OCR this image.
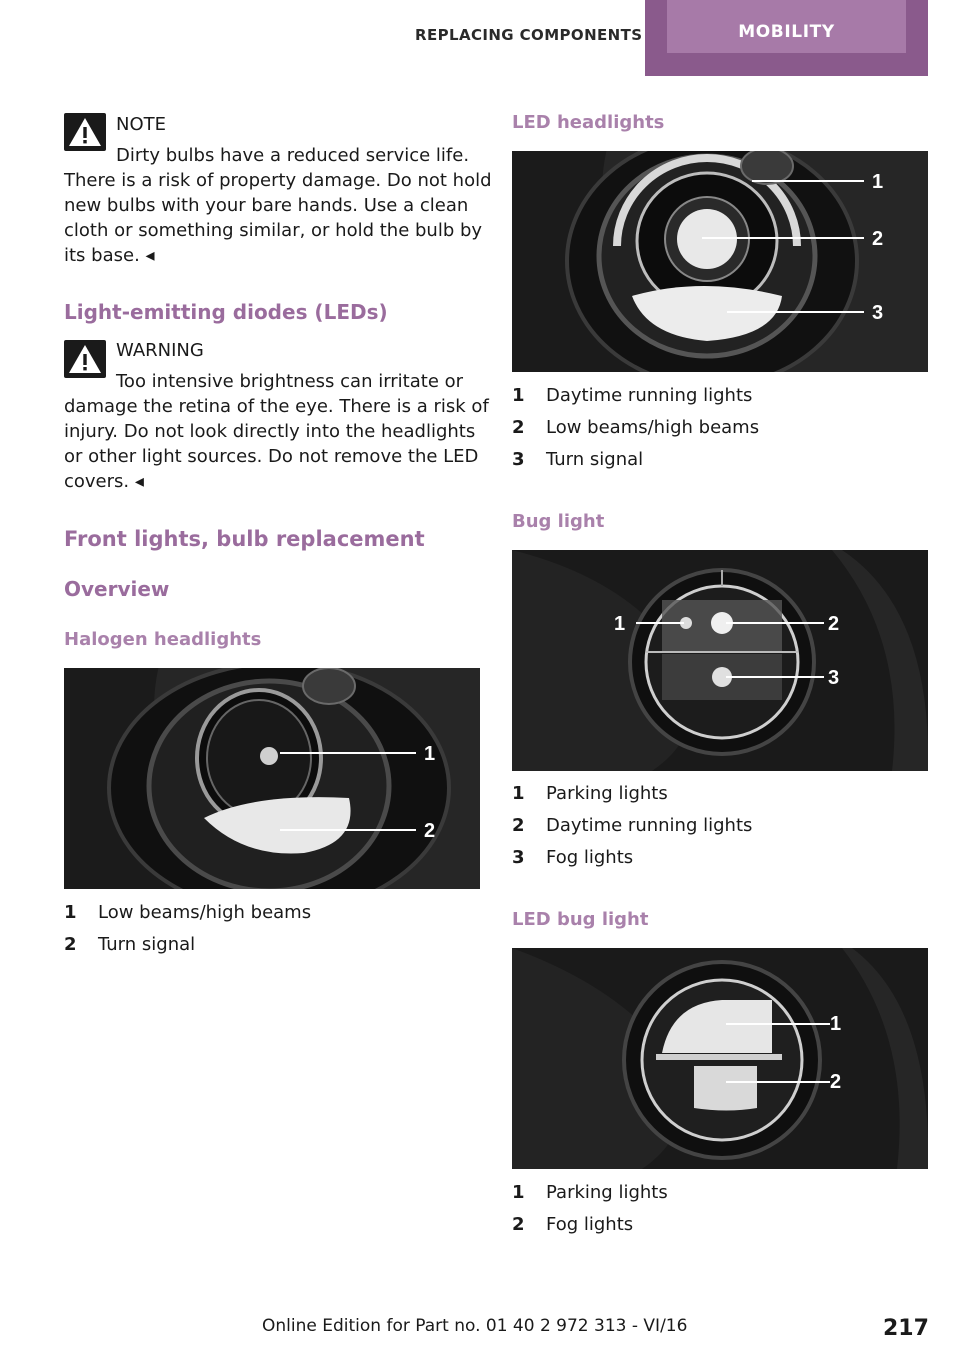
REPLACING COMPONENTS	MOBILITY
NOTE
Dirty bulbs have a reduced service life.
There is a risk of property damage. Do not hold
new bulbs with your bare hands. Use a clean
cloth or something similar, or hold the bulb by
its base. ◂
Light-emitting diodes (LEDs)
WARNING
Too intensive brightness can irritate or
damage the retina of the eye. There is a risk of
injury. Do not look directly into the headlights
or other light sources. Do not remove the LED
covers. ◂
Front lights, bulb replacement
Overview
Halogen headlights
1
2
1 Low beams/high beams
2 Turn signal
LED headlights
1
2
3
1 Daytime running lights
2 Low beams/high beams
3 Turn signal
Bug light
1	2
3
1 Parking lights
2 Daytime running lights
3 Fog lights
LED bug light
1
2
1 Parking lights
2 Fog lights
Online Edition for Part no. 01 40 2 972 313 - VI/16	217
